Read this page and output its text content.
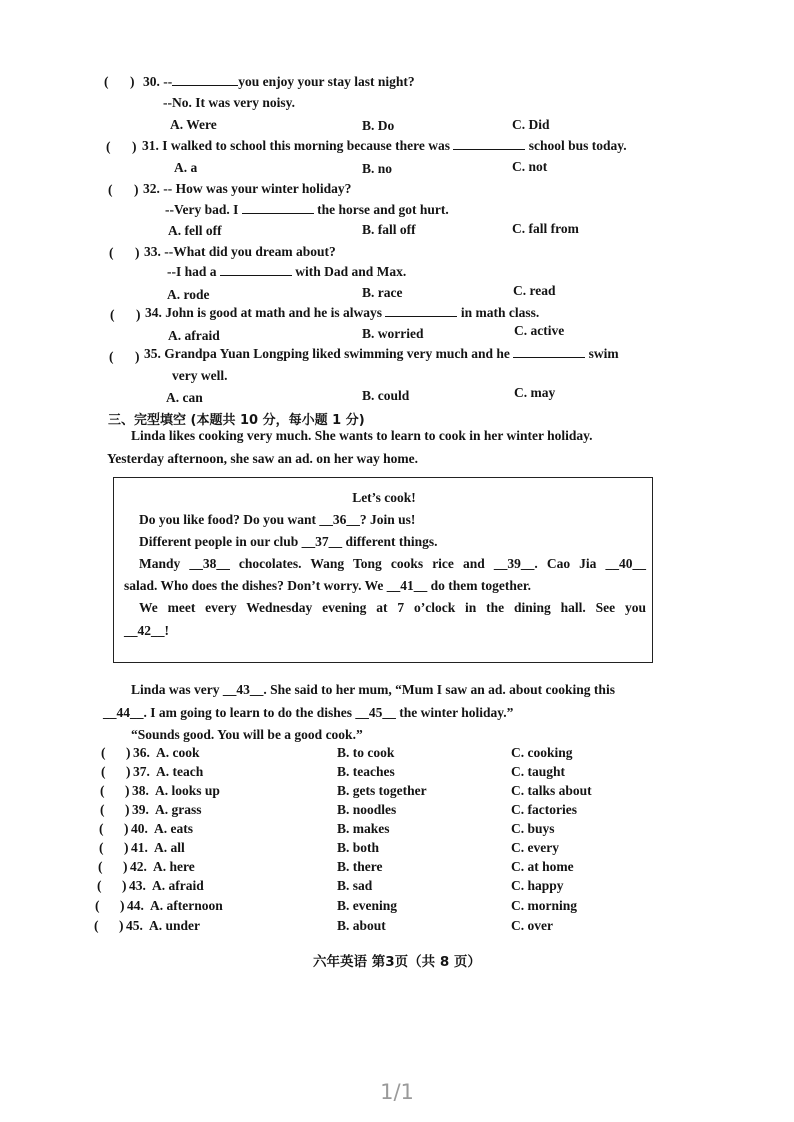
( ) 30. --	you enjoy your stay last night?
--No. It was very noisy.
A. Were	B. Do	C. Did
( ) 31. I walked to school this morning because there was	school bus today.
A. a	B. no	C. not
( ) 32. -- How was your winter holiday?
--Very bad. I	the horse and got hurt.
A. fell off	B. fall off	C. fall from
( ) 33. --What did you dream about?
--I had a	with Dad and Max.
A. rode	B. race	C. read
( ) 34. John is good at math and he is always	in math class.
A. afraid	B. worried	C. active
( ) 35. Grandpa Yuan Longping liked swimming very much and he	swim
very well.
A. can	B. could	C. may
三、完型填空 (本题共 10 分，每小题 1 分)
Linda likes cooking very much. She wants to learn to cook in her winter holiday.
Yesterday afternoon, she saw an ad. on her way home.
Let’s cook!
Do you like food? Do you want __36__? Join us!
Different people in our club __37__ different things.
Mandy __38__ chocolates. Wang Tong cooks rice and __39__. Cao Jia __40__
salad. Who does the dishes? Don’t worry. We __41__ do them together.
We meet every Wednesday evening at 7 o’clock in the dining hall. See you
__42__!
Linda was very __43__. She said to her mum, “Mum I saw an ad. about cooking this
__44__. I am going to learn to do the dishes __45__ the winter holiday.”
“Sounds good. You will be a good cook.”
( ) 36. A. cook	B. to cook	C. cooking
( ) 37. A. teach	B. teaches	C. taught
( ) 38. A. looks up	B. gets together	C. talks about
( ) 39. A. grass	B. noodles	C. factories
( ) 40. A. eats	B. makes	C. buys
( ) 41. A. all	B. both	C. every
( ) 42. A. here	B. there	C. at home
( ) 43. A. afraid	B. sad	C. happy
( ) 44. A. afternoon	B. evening	C. morning
( ) 45. A. under	B. about	C. over
六年英语 第3页（共 8 页）
1/1
